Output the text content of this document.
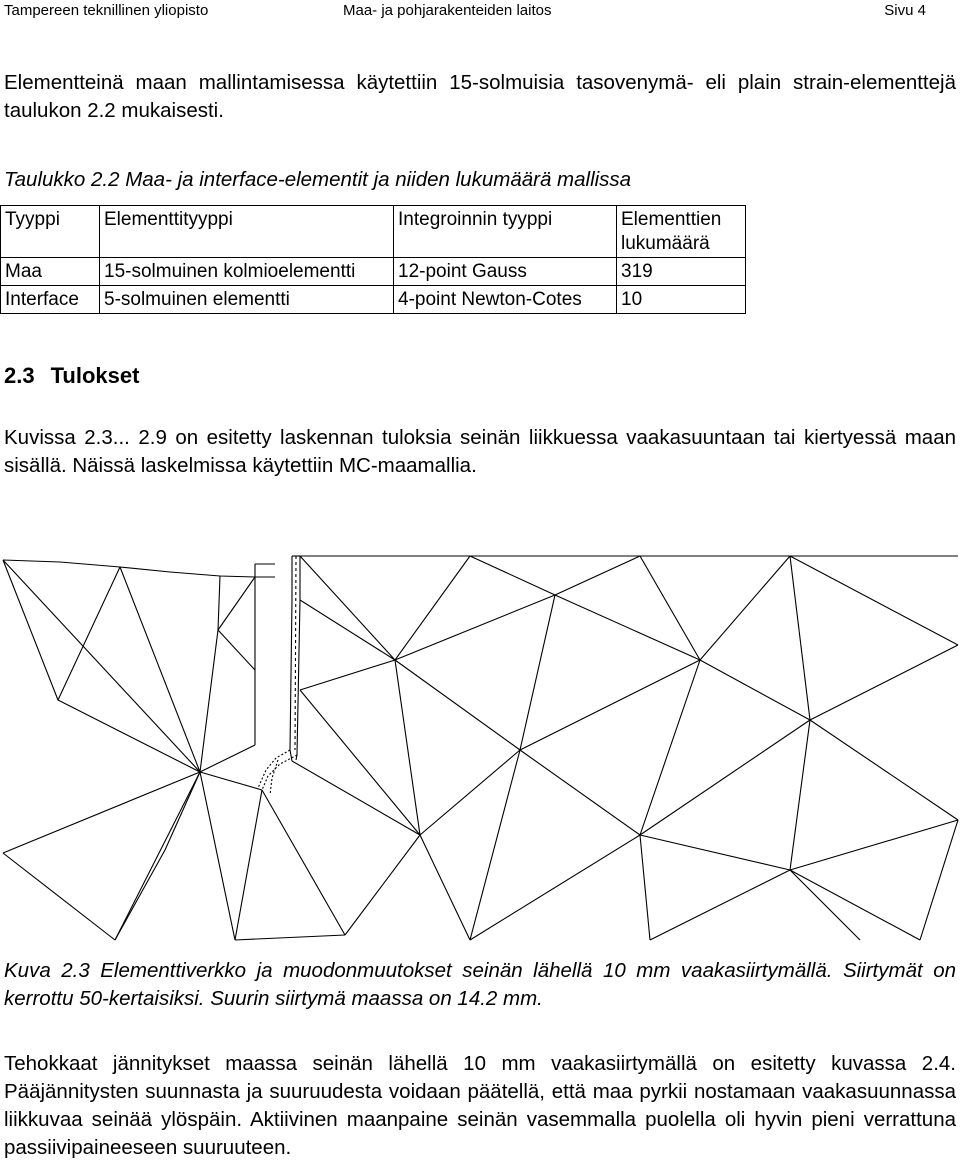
Tampereen teknillinen yliopisto	Maa- ja pohjarakenteiden laitos	Sivu 4

Elementteinä maan mallintamisessa käytettiin 15-solmuisia tasovenymä- eli plain strain-elementtejä taulukon 2.2 mukaisesti.

Taulukko 2.2 Maa- ja interface-elementit ja niiden lukumäärä mallissa

Tyyppi	Elementtityyppi	Integroinnin tyyppi	Elementtien lukumäärä
Maa	15-solmuinen kolmioelementti	12-point Gauss	319
Interface	5-solmuinen elementti	4-point Newton-Cotes	10
2.3 Tulokset

Kuvissa 2.3... 2.9 on esitetty laskennan tuloksia seinän liikkuessa vaakasuuntaan tai kiertyessä maan sisällä. Näissä laskelmissa käytettiin MC-maamallia.

Kuva 2.3 Elementtiverkko ja muodonmuutokset seinän lähellä 10 mm vaakasiirtymällä. Siirtymät on kerrottu 50-kertaisiksi. Suurin siirtymä maassa on 14.2 mm.

Tehokkaat jännitykset maassa seinän lähellä 10 mm vaakasiirtymällä on esitetty kuvassa 2.4. Pääjännitysten suunnasta ja suuruudesta voidaan päätellä, että maa pyrkii nostamaan vaakasuunnassa liikkuvaa seinää ylöspäin. Aktiivinen maanpaine seinän vasemmalla puolella oli hyvin pieni verrattuna passiivipaineeseen suuruuteen.
